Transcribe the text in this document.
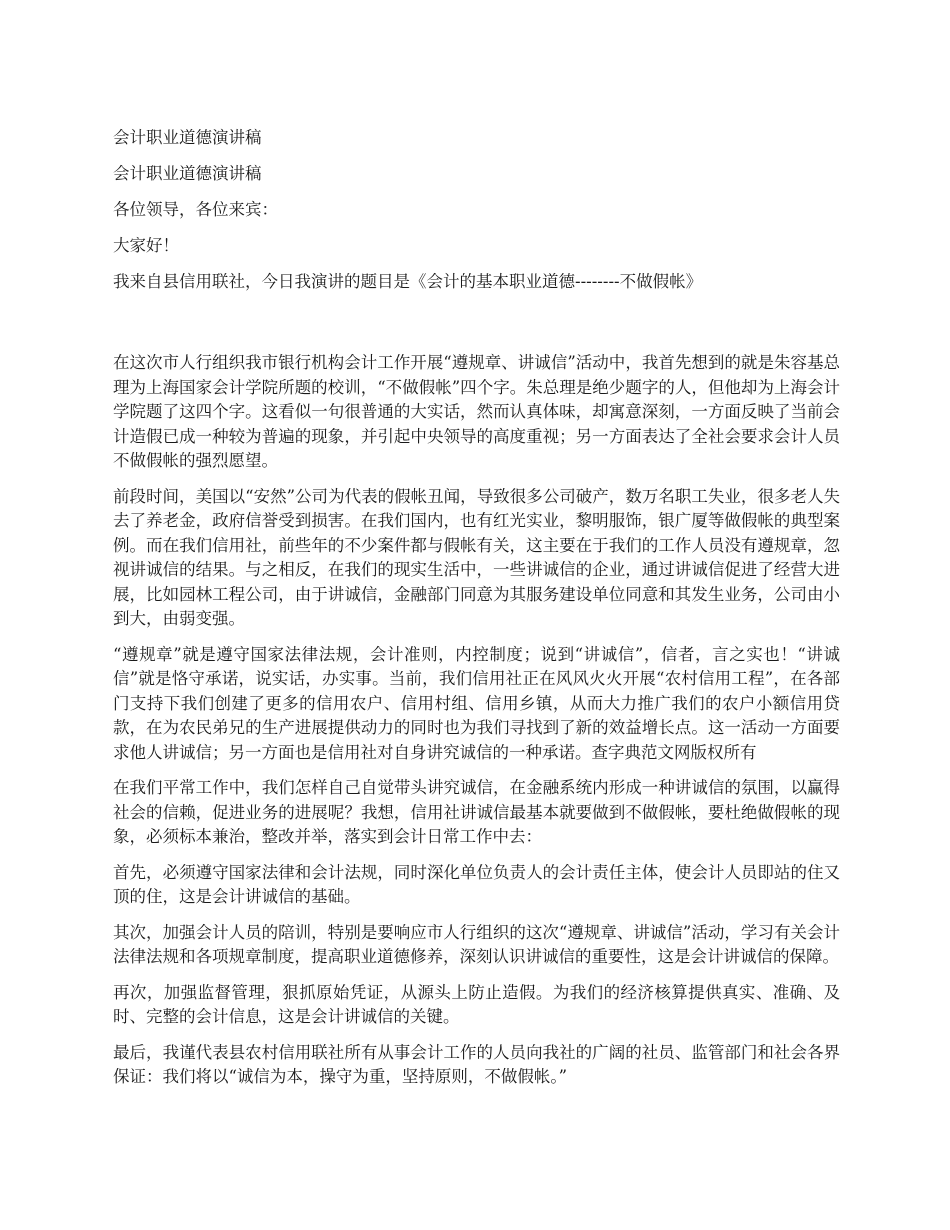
会计职业道德演讲稿

会计职业道德演讲稿

各位领导，各位来宾：

大家好！

我来自县信用联社，今日我演讲的题目是《会计的基本职业道德--------不做假帐》

在这次市人行组织我市银行机构会计工作开展“遵规章、讲诚信”活动中，我首先想到的就是朱容基总理为上海国家会计学院所题的校训，“不做假帐”四个字。朱总理是绝少题字的人，但他却为上海会计学院题了这四个字。这看似一句很普通的大实话，然而认真体味，却寓意深刻，一方面反映了当前会计造假已成一种较为普遍的现象，并引起中央领导的高度重视；另一方面表达了全社会要求会计人员不做假帐的强烈愿望。

前段时间，美国以“安然”公司为代表的假帐丑闻，导致很多公司破产，数万名职工失业，很多老人失去了养老金，政府信誉受到损害。在我们国内，也有红光实业，黎明服饰，银广厦等做假帐的典型案例。而在我们信用社，前些年的不少案件都与假帐有关，这主要在于我们的工作人员没有遵规章，忽视讲诚信的结果。与之相反，在我们的现实生活中，一些讲诚信的企业，通过讲诚信促进了经营大进展，比如园林工程公司，由于讲诚信，金融部门同意为其服务建设单位同意和其发生业务，公司由小到大，由弱变强。

“遵规章”就是遵守国家法律法规，会计准则，内控制度；说到“讲诚信”，信者，言之实也！“讲诚信”就是恪守承诺，说实话，办实事。当前，我们信用社正在风风火火开展“农村信用工程”，在各部门支持下我们创建了更多的信用农户、信用村组、信用乡镇，从而大力推广我们的农户小额信用贷款，在为农民弟兄的生产进展提供动力的同时也为我们寻找到了新的效益增长点。这一活动一方面要求他人讲诚信；另一方面也是信用社对自身讲究诚信的一种承诺。查字典范文网版权所有

在我们平常工作中，我们怎样自己自觉带头讲究诚信，在金融系统内形成一种讲诚信的氛围，以赢得社会的信赖，促进业务的进展呢？我想，信用社讲诚信最基本就要做到不做假帐，要杜绝做假帐的现象，必须标本兼治，整改并举，落实到会计日常工作中去：

首先，必须遵守国家法律和会计法规，同时深化单位负责人的会计责任主体，使会计人员即站的住又顶的住，这是会计讲诚信的基础。

其次，加强会计人员的陪训，特别是要响应市人行组织的这次“遵规章、讲诚信”活动，学习有关会计法律法规和各项规章制度，提高职业道德修养，深刻认识讲诚信的重要性，这是会计讲诚信的保障。

再次，加强监督管理，狠抓原始凭证，从源头上防止造假。为我们的经济核算提供真实、准确、及时、完整的会计信息，这是会计讲诚信的关键。

最后，我谨代表县农村信用联社所有从事会计工作的人员向我社的广阔的社员、监管部门和社会各界保证：我们将以“诚信为本，操守为重，坚持原则，不做假帐。”
